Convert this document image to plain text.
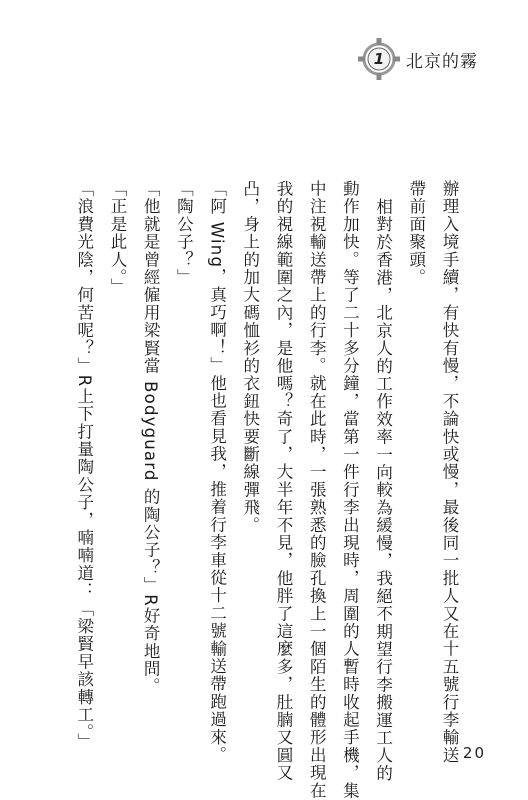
1	北京的霧

辦理入境手續，有快有慢，不論快或慢，最後同一批人又在十五號行李輸送

帶前面聚頭。

相對於香港，北京人的工作效率一向較為緩慢，我絕不期望行李搬運工人的

動作加快。等了二十多分鐘，當第一件行李出現時，周圍的人暫時收起手機，集

中注視輸送帶上的行李。就在此時，一張熟悉的臉孔換上一個陌生的體形出現在

我的視線範圍之內，是他嗎？奇了，大半年不見，他胖了這麼多，肚腩又圓又

凸，身上的加大碼恤衫的衣鈕快要斷線彈飛。

「阿 Wing，真巧啊！」他也看見我，推着行李車從十二號輸送帶跑過來。

「陶公子？」

「他就是曾經僱用梁賢當 Bodyguard 的陶公子？」R好奇地問。

「正是此人。」

「浪費光陰，何苦呢？」R上下打量陶公子，喃喃道：「梁賢早該轉工。」

20
